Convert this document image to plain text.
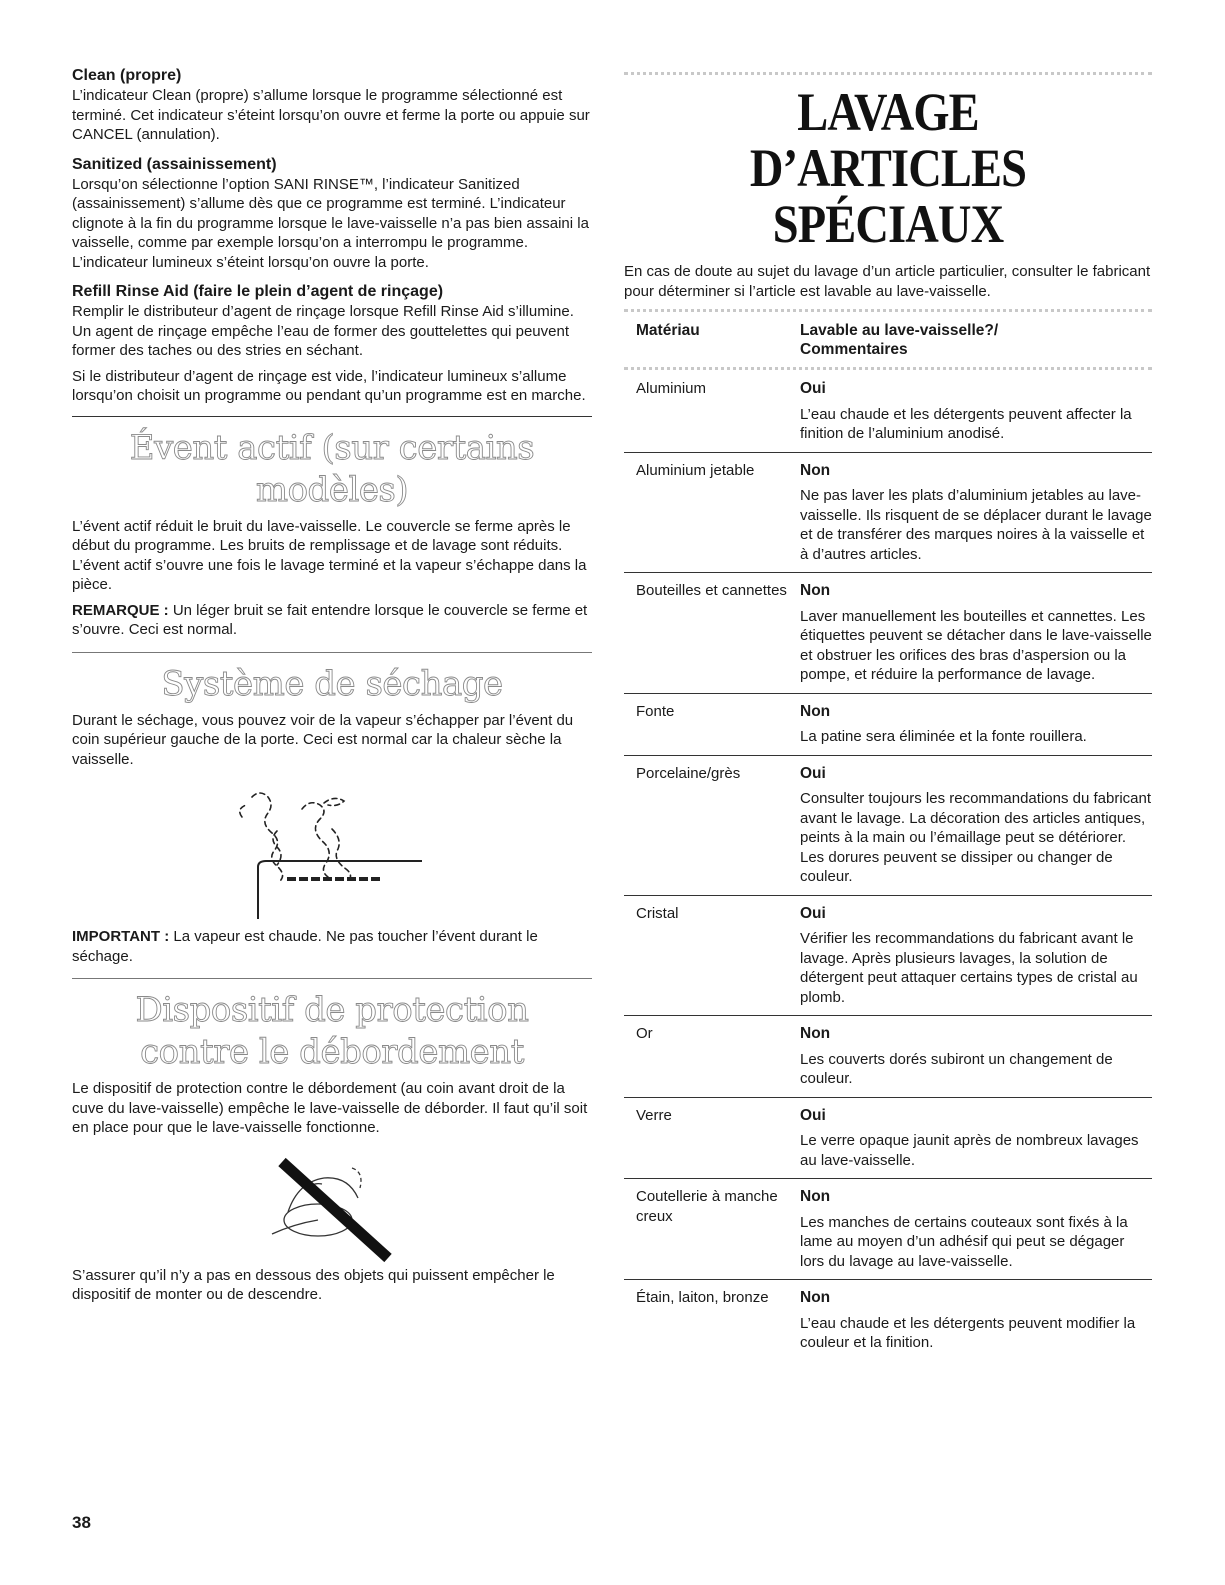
Clean (propre)
L’indicateur Clean (propre) s’allume lorsque le programme sélectionné est terminé. Cet indicateur s’éteint lorsqu’on ouvre et ferme la porte ou appuie sur CANCEL (annulation).
Sanitized (assainissement)
Lorsqu’on sélectionne l’option SANI RINSE™, l’indicateur Sanitized (assainissement) s’allume dès que ce programme est terminé. L’indicateur clignote à la fin du programme lorsque le lave-vaisselle n’a pas bien assaini la vaisselle, comme par exemple lorsqu’on a interrompu le programme. L’indicateur lumineux s’éteint lorsqu’on ouvre la porte.
Refill Rinse Aid (faire le plein d’agent de rinçage)
Remplir le distributeur d’agent de rinçage lorsque Refill Rinse Aid s’illumine. Un agent de rinçage empêche l’eau de former des gouttelettes qui peuvent former des taches ou des stries en séchant.
Si le distributeur d’agent de rinçage est vide, l’indicateur lumineux s’allume lorsqu’on choisit un programme ou pendant qu’un programme est en marche.
Évent actif (sur certains modèles)
L’évent actif réduit le bruit du lave-vaisselle. Le couvercle se ferme après le début du programme. Les bruits de remplissage et de lavage sont réduits. L’évent actif s’ouvre une fois le lavage terminé et la vapeur s’échappe dans la pièce.
REMARQUE : Un léger bruit se fait entendre lorsque le couvercle se ferme et s’ouvre. Ceci est normal.
Système de séchage
Durant le séchage, vous pouvez voir de la vapeur s’échapper par l’évent du coin supérieur gauche de la porte. Ceci est normal car la chaleur sèche la vaisselle.
IMPORTANT : La vapeur est chaude. Ne pas toucher l’évent durant le séchage.
Dispositif de protection
contre le débordement
Le dispositif de protection contre le débordement (au coin avant droit de la cuve du lave-vaisselle) empêche le lave-vaisselle de déborder. Il faut qu’il soit en place pour que le lave-vaisselle fonctionne.
S’assurer qu’il n’y a pas en dessous des objets qui puissent empêcher le dispositif de monter ou de descendre.
LAVAGE D’ARTICLES
SPÉCIAUX
En cas de doute au sujet du lavage d’un article particulier, consulter le fabricant pour déterminer si l’article est lavable au lave-vaisselle.
Matériau	Lavable au lave-vaisselle?/
Commentaires
Aluminium	Oui
L’eau chaude et les détergents peuvent affecter la finition de l’aluminium anodisé.

Aluminium jetable	Non
Ne pas laver les plats d’aluminium jetables au lave-vaisselle. Ils risquent de se déplacer durant le lavage et de transférer des marques noires à la vaisselle et à d’autres articles.

Bouteilles et cannettes	Non
Laver manuellement les bouteilles et cannettes. Les étiquettes peuvent se détacher dans le lave-vaisselle et obstruer les orifices des bras d’aspersion ou la pompe, et réduire la performance de lavage.

Fonte	Non
La patine sera éliminée et la fonte rouillera.

Porcelaine/grès	Oui
Consulter toujours les recommandations du fabricant avant le lavage. La décoration des articles antiques, peints à la main ou l’émaillage peut se détériorer. Les dorures peuvent se dissiper ou changer de couleur.

Cristal	Oui
Vérifier les recommandations du fabricant avant le lavage. Après plusieurs lavages, la solution de détergent peut attaquer certains types de cristal au plomb.

Or	Non
Les couverts dorés subiront un changement de couleur.

Verre	Oui
Le verre opaque jaunit après de nombreux lavages au lave-vaisselle.

Coutellerie à manche creux	Non
Les manches de certains couteaux sont fixés à la lame au moyen d’un adhésif qui peut se dégager lors du lavage au lave-vaisselle.

Étain, laiton, bronze	Non
L’eau chaude et les détergents peuvent modifier la couleur et la finition.
38
